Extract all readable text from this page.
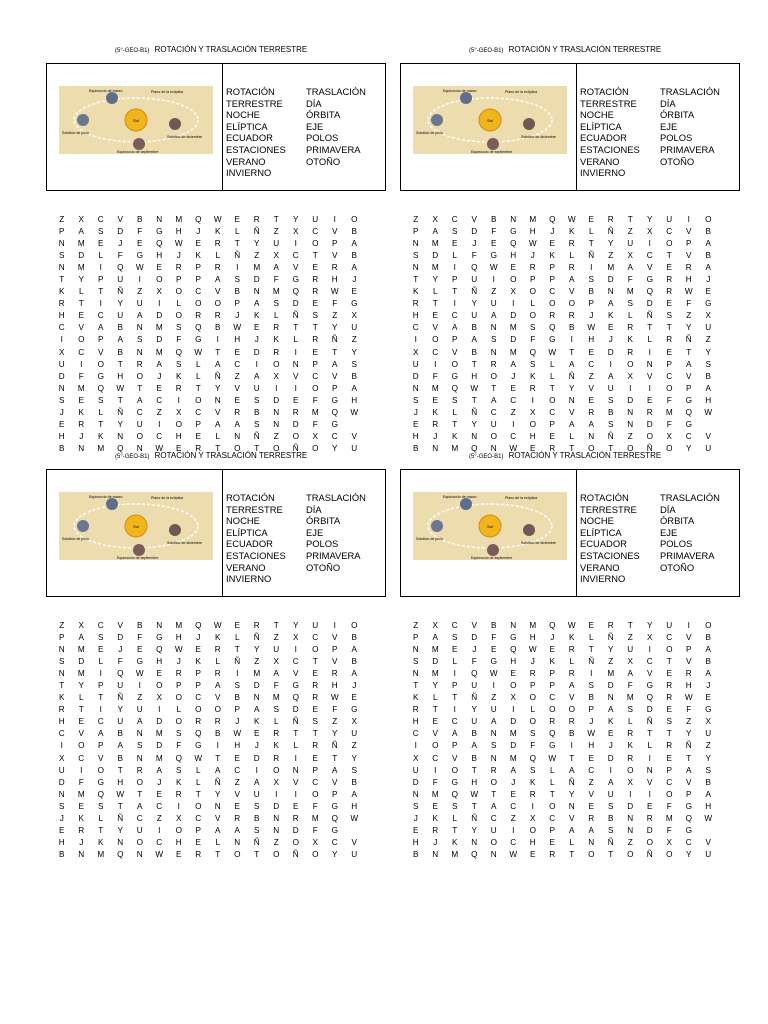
(5°-GEO-B1) ROTACIÓN Y TRASLACIÓN TERRESTRE
Sol
Equinoccio de marzo	Plano de la eclíptica
Solsticio de diciembre
Solsticio de junio
Equinoccio de septiembre
ROTACIÓN	TRASLACIÓN
TERRESTRE	DÍA
NOCHE	ÓRBITA
ELÍPTICA	EJE
ECUADOR	POLOS
ESTACIONES	PRIMAVERA
VERANO	OTOÑO
INVIERNO
Z	X	C	V	B	N	M	Q	W	E	R	T	Y	U	I	O
P	A	S	D	F	G	H	J	K	L	Ñ	Z	X	C	V	B
N	M	E	J	E	Q	W	E	R	T	Y	U	I	O	P	A
S	D	L	F	G	H	J	K	L	Ñ	Z	X	C	T	V	B
N	M	I	Q	W	E	R	P	R	I	M	A	V	E	R	A
T	Y	P	U	I	O	P	P	A	S	D	F	G	R	H	J
K	L	T	Ñ	Z	X	O	C	V	B	N	M	Q	R	W	E
R	T	I	Y	U	I	L	O	O	P	A	S	D	E	F	G
H	E	C	U	A	D	O	R	R	J	K	L	Ñ	S	Z	X
C	V	A	B	N	M	S	Q	B	W	E	R	T	T	Y	U
I	O	P	A	S	D	F	G	I	H	J	K	L	R	Ñ	Z
X	C	V	B	N	M	Q	W	T	E	D	R	I	E	T	Y
U	I	O	T	R	A	S	L	A	C	I	O	N	P	A	S
D	F	G	H	O	J	K	L	Ñ	Z	A	X	V	C	V	B
N	M	Q	W	T	E	R	T	Y	V	U	I	I	O	P	A
S	E	S	T	A	C	I	O	N	E	S	D	E	F	G	H
J	K	L	Ñ	C	Z	X	C	V	R	B	N	R	M	Q	W
E	R	T	Y	U	I	O	P	A	A	S	N	D	F	G
H	J	K	N	O	C	H	E	L	N	Ñ	Z	O	X	C	V
B	N	M	Q	N	W	E	R	T	O	T	O	Ñ	O	Y	U
(5°-GEO-B1) ROTACIÓN Y TRASLACIÓN TERRESTRE
Sol
Equinoccio de marzo	Plano de la eclíptica
Solsticio de diciembre
Solsticio de junio
Equinoccio de septiembre
ROTACIÓN	TRASLACIÓN
TERRESTRE	DÍA
NOCHE	ÓRBITA
ELÍPTICA	EJE
ECUADOR	POLOS
ESTACIONES	PRIMAVERA
VERANO	OTOÑO
INVIERNO
Z	X	C	V	B	N	M	Q	W	E	R	T	Y	U	I	O
P	A	S	D	F	G	H	J	K	L	Ñ	Z	X	C	V	B
N	M	E	J	E	Q	W	E	R	T	Y	U	I	O	P	A
S	D	L	F	G	H	J	K	L	Ñ	Z	X	C	T	V	B
N	M	I	Q	W	E	R	P	R	I	M	A	V	E	R	A
T	Y	P	U	I	O	P	P	A	S	D	F	G	R	H	J
K	L	T	Ñ	Z	X	O	C	V	B	N	M	Q	R	W	E
R	T	I	Y	U	I	L	O	O	P	A	S	D	E	F	G
H	E	C	U	A	D	O	R	R	J	K	L	Ñ	S	Z	X
C	V	A	B	N	M	S	Q	B	W	E	R	T	T	Y	U
I	O	P	A	S	D	F	G	I	H	J	K	L	R	Ñ	Z
X	C	V	B	N	M	Q	W	T	E	D	R	I	E	T	Y
U	I	O	T	R	A	S	L	A	C	I	O	N	P	A	S
D	F	G	H	O	J	K	L	Ñ	Z	A	X	V	C	V	B
N	M	Q	W	T	E	R	T	Y	V	U	I	I	O	P	A
S	E	S	T	A	C	I	O	N	E	S	D	E	F	G	H
J	K	L	Ñ	C	Z	X	C	V	R	B	N	R	M	Q	W
E	R	T	Y	U	I	O	P	A	A	S	N	D	F	G
H	J	K	N	O	C	H	E	L	N	Ñ	Z	O	X	C	V
B	N	M	Q	N	W	E	R	T	O	T	O	Ñ	O	Y	U
(5°-GEO-B1) ROTACIÓN Y TRASLACIÓN TERRESTRE
Sol
Equinoccio de marzo	Plano de la eclíptica
Solsticio de diciembre
Solsticio de junio
Equinoccio de septiembre
ROTACIÓN	TRASLACIÓN
TERRESTRE	DÍA
NOCHE	ÓRBITA
ELÍPTICA	EJE
ECUADOR	POLOS
ESTACIONES	PRIMAVERA
VERANO	OTOÑO
INVIERNO
Z	X	C	V	B	N	M	Q	W	E	R	T	Y	U	I	O
P	A	S	D	F	G	H	J	K	L	Ñ	Z	X	C	V	B
N	M	E	J	E	Q	W	E	R	T	Y	U	I	O	P	A
S	D	L	F	G	H	J	K	L	Ñ	Z	X	C	T	V	B
N	M	I	Q	W	E	R	P	R	I	M	A	V	E	R	A
T	Y	P	U	I	O	P	P	A	S	D	F	G	R	H	J
K	L	T	Ñ	Z	X	O	C	V	B	N	M	Q	R	W	E
R	T	I	Y	U	I	L	O	O	P	A	S	D	E	F	G
H	E	C	U	A	D	O	R	R	J	K	L	Ñ	S	Z	X
C	V	A	B	N	M	S	Q	B	W	E	R	T	T	Y	U
I	O	P	A	S	D	F	G	I	H	J	K	L	R	Ñ	Z
X	C	V	B	N	M	Q	W	T	E	D	R	I	E	T	Y
U	I	O	T	R	A	S	L	A	C	I	O	N	P	A	S
D	F	G	H	O	J	K	L	Ñ	Z	A	X	V	C	V	B
N	M	Q	W	T	E	R	T	Y	V	U	I	I	O	P	A
S	E	S	T	A	C	I	O	N	E	S	D	E	F	G	H
J	K	L	Ñ	C	Z	X	C	V	R	B	N	R	M	Q	W
E	R	T	Y	U	I	O	P	A	A	S	N	D	F	G
H	J	K	N	O	C	H	E	L	N	Ñ	Z	O	X	C	V
B	N	M	Q	N	W	E	R	T	O	T	O	Ñ	O	Y	U
(5°-GEO-B1) ROTACIÓN Y TRASLACIÓN TERRESTRE
Sol
Equinoccio de marzo	Plano de la eclíptica
Solsticio de diciembre
Solsticio de junio
Equinoccio de septiembre
ROTACIÓN	TRASLACIÓN
TERRESTRE	DÍA
NOCHE	ÓRBITA
ELÍPTICA	EJE
ECUADOR	POLOS
ESTACIONES	PRIMAVERA
VERANO	OTOÑO
INVIERNO
Z	X	C	V	B	N	M	Q	W	E	R	T	Y	U	I	O
P	A	S	D	F	G	H	J	K	L	Ñ	Z	X	C	V	B
N	M	E	J	E	Q	W	E	R	T	Y	U	I	O	P	A
S	D	L	F	G	H	J	K	L	Ñ	Z	X	C	T	V	B
N	M	I	Q	W	E	R	P	R	I	M	A	V	E	R	A
T	Y	P	U	I	O	P	P	A	S	D	F	G	R	H	J
K	L	T	Ñ	Z	X	O	C	V	B	N	M	Q	R	W	E
R	T	I	Y	U	I	L	O	O	P	A	S	D	E	F	G
H	E	C	U	A	D	O	R	R	J	K	L	Ñ	S	Z	X
C	V	A	B	N	M	S	Q	B	W	E	R	T	T	Y	U
I	O	P	A	S	D	F	G	I	H	J	K	L	R	Ñ	Z
X	C	V	B	N	M	Q	W	T	E	D	R	I	E	T	Y
U	I	O	T	R	A	S	L	A	C	I	O	N	P	A	S
D	F	G	H	O	J	K	L	Ñ	Z	A	X	V	C	V	B
N	M	Q	W	T	E	R	T	Y	V	U	I	I	O	P	A
S	E	S	T	A	C	I	O	N	E	S	D	E	F	G	H
J	K	L	Ñ	C	Z	X	C	V	R	B	N	R	M	Q	W
E	R	T	Y	U	I	O	P	A	A	S	N	D	F	G
H	J	K	N	O	C	H	E	L	N	Ñ	Z	O	X	C	V
B	N	M	Q	N	W	E	R	T	O	T	O	Ñ	O	Y	U
